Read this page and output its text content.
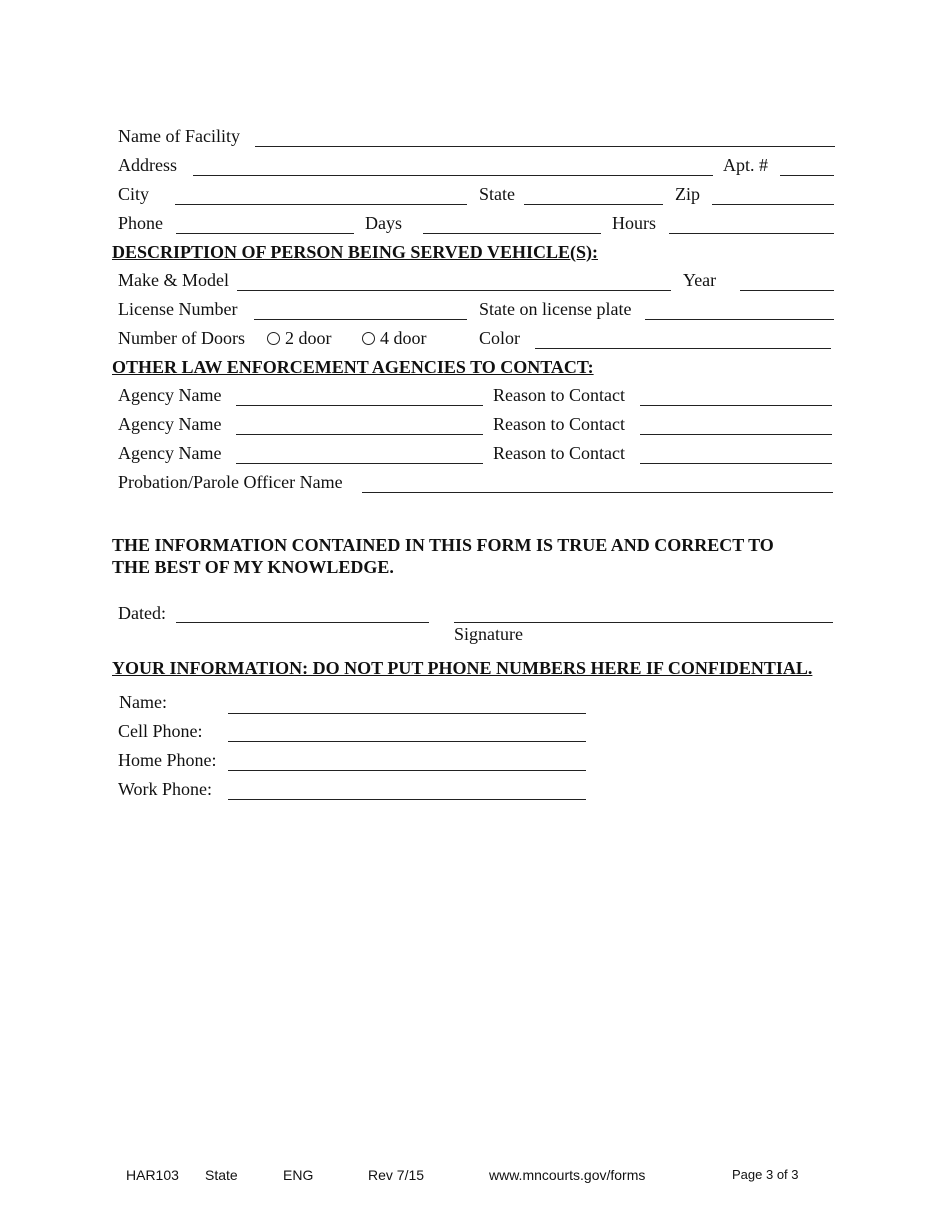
Name of Facility
Address	Apt. #
City	State	Zip
Phone	Days	Hours
DESCRIPTION OF PERSON BEING SERVED VEHICLE(S):
Make & Model	Year
License Number	State on license plate
Number of Doors	2 door	4 door	Color
OTHER LAW ENFORCEMENT AGENCIES TO CONTACT:
Agency Name	Reason to Contact
Agency Name	Reason to Contact
Agency Name	Reason to Contact
Probation/Parole Officer Name
THE INFORMATION CONTAINED IN THIS FORM IS TRUE AND CORRECT TO
THE BEST OF MY KNOWLEDGE.
Dated:
Signature
YOUR INFORMATION: DO NOT PUT PHONE NUMBERS HERE IF CONFIDENTIAL.
Name:
Cell Phone:
Home Phone:
Work Phone:
HAR103 State	ENG	Rev 7/15	www.mncourts.gov/forms	Page 3 of 3
